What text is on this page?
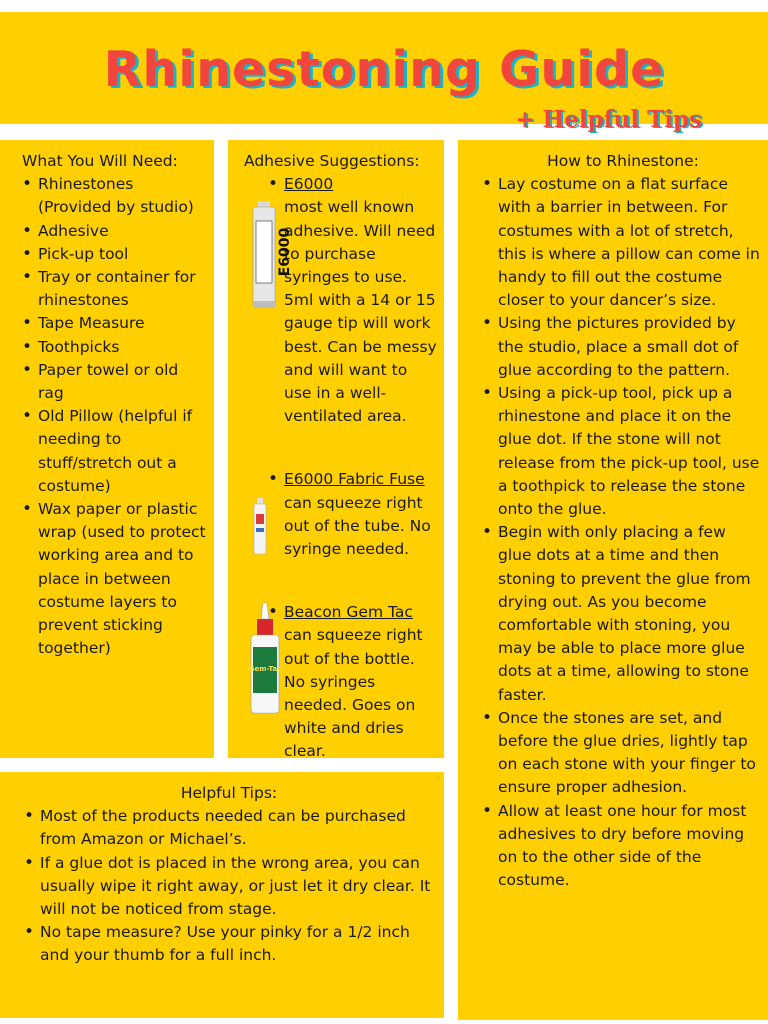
Rhinestoning Guide
+ Helpful Tips

What You Will Need:

• Rhinestones (Provided by studio)
• Adhesive
• Pick-up tool
• Tray or container for rhinestones
• Tape Measure
• Toothpicks
• Paper towel or old rag
• Old Pillow (helpful if needing to stuff/stretch out a costume)
• Wax paper or plastic wrap (used to protect working area and to place in between costume layers to prevent sticking together)

Adhesive Suggestions:

• E6000
most well known adhesive. Will need to purchase syringes to use. 5ml with a 14 or 15 gauge tip will work best. Can be messy and will want to use in a well-ventilated area.
E6000
• E6000 Fabric Fuse
can squeeze right out of the tube. No syringe needed.
• Beacon Gem Tac
can squeeze right out of the bottle. No syringes needed. Goes on white and dries clear.
Gem-Tac

How to Rhinestone:

• Lay costume on a flat surface with a barrier in between. For costumes with a lot of stretch, this is where a pillow can come in handy to fill out the costume closer to your dancer’s size.
• Using the pictures provided by the studio, place a small dot of glue according to the pattern.
• Using a pick-up tool, pick up a rhinestone and place it on the glue dot. If the stone will not release from the pick-up tool, use a toothpick to release the stone onto the glue.
• Begin with only placing a few glue dots at a time and then stoning to prevent the glue from drying out. As you become comfortable with stoning, you may be able to place more glue dots at a time, allowing to stone faster.
• Once the stones are set, and before the glue dries, lightly tap on each stone with your finger to ensure proper adhesion.
• Allow at least one hour for most adhesives to dry before moving on to the other side of the costume.

Helpful Tips:

• Most of the products needed can be purchased from Amazon or Michael’s.
• If a glue dot is placed in the wrong area, you can usually wipe it right away, or just let it dry clear. It will not be noticed from stage.
• No tape measure? Use your pinky for a 1/2 inch and your thumb for a full inch.
